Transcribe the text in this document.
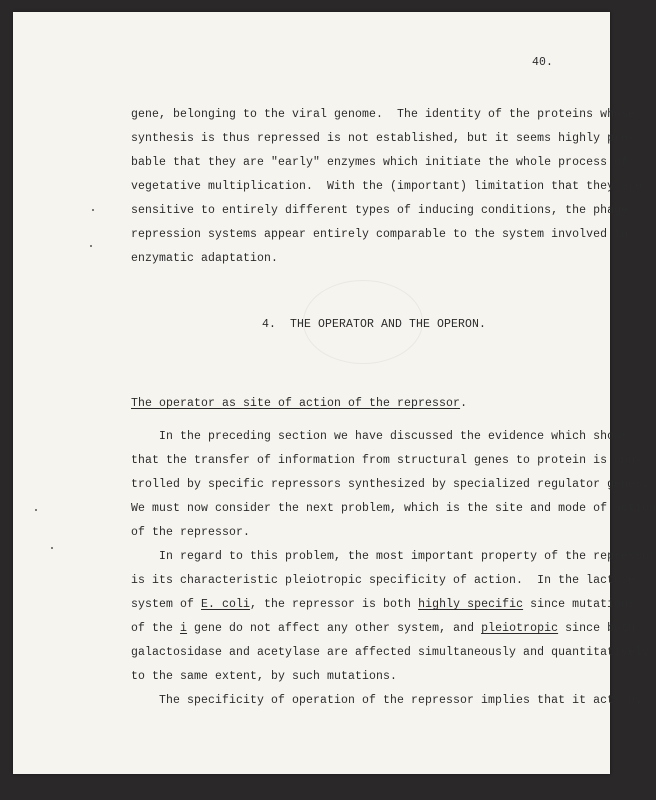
40.

gene, belonging to the viral genome.  The identity of the proteins whose

synthesis is thus repressed is not established, but it seems highly pro-

bable that they are "early" enzymes which initiate the whole process of

vegetative multiplication.  With the (important) limitation that they are

sensitive to entirely different types of inducing conditions, the phage

repression systems appear entirely comparable to the system involved in

enzymatic adaptation.

4.  THE OPERATOR AND THE OPERON.

The operator as site of action of the repressor.

In the preceding section we have discussed the evidence which shows

that the transfer of information from structural genes to protein is con-

trolled by specific repressors synthesized by specialized regulator genes.

We must now consider the next problem, which is the site and mode of action

of the repressor.

In regard to this problem, the most important property of the repressor

is its characteristic pleiotropic specificity of action.  In the lactose

system of E. coli, the repressor is both highly specific since mutations

of the i gene do not affect any other system, and pleiotropic since both

galactosidase and acetylase are affected simultaneously and quantitatively

to the same extent, by such mutations.

The specificity of operation of the repressor implies that it acts by
